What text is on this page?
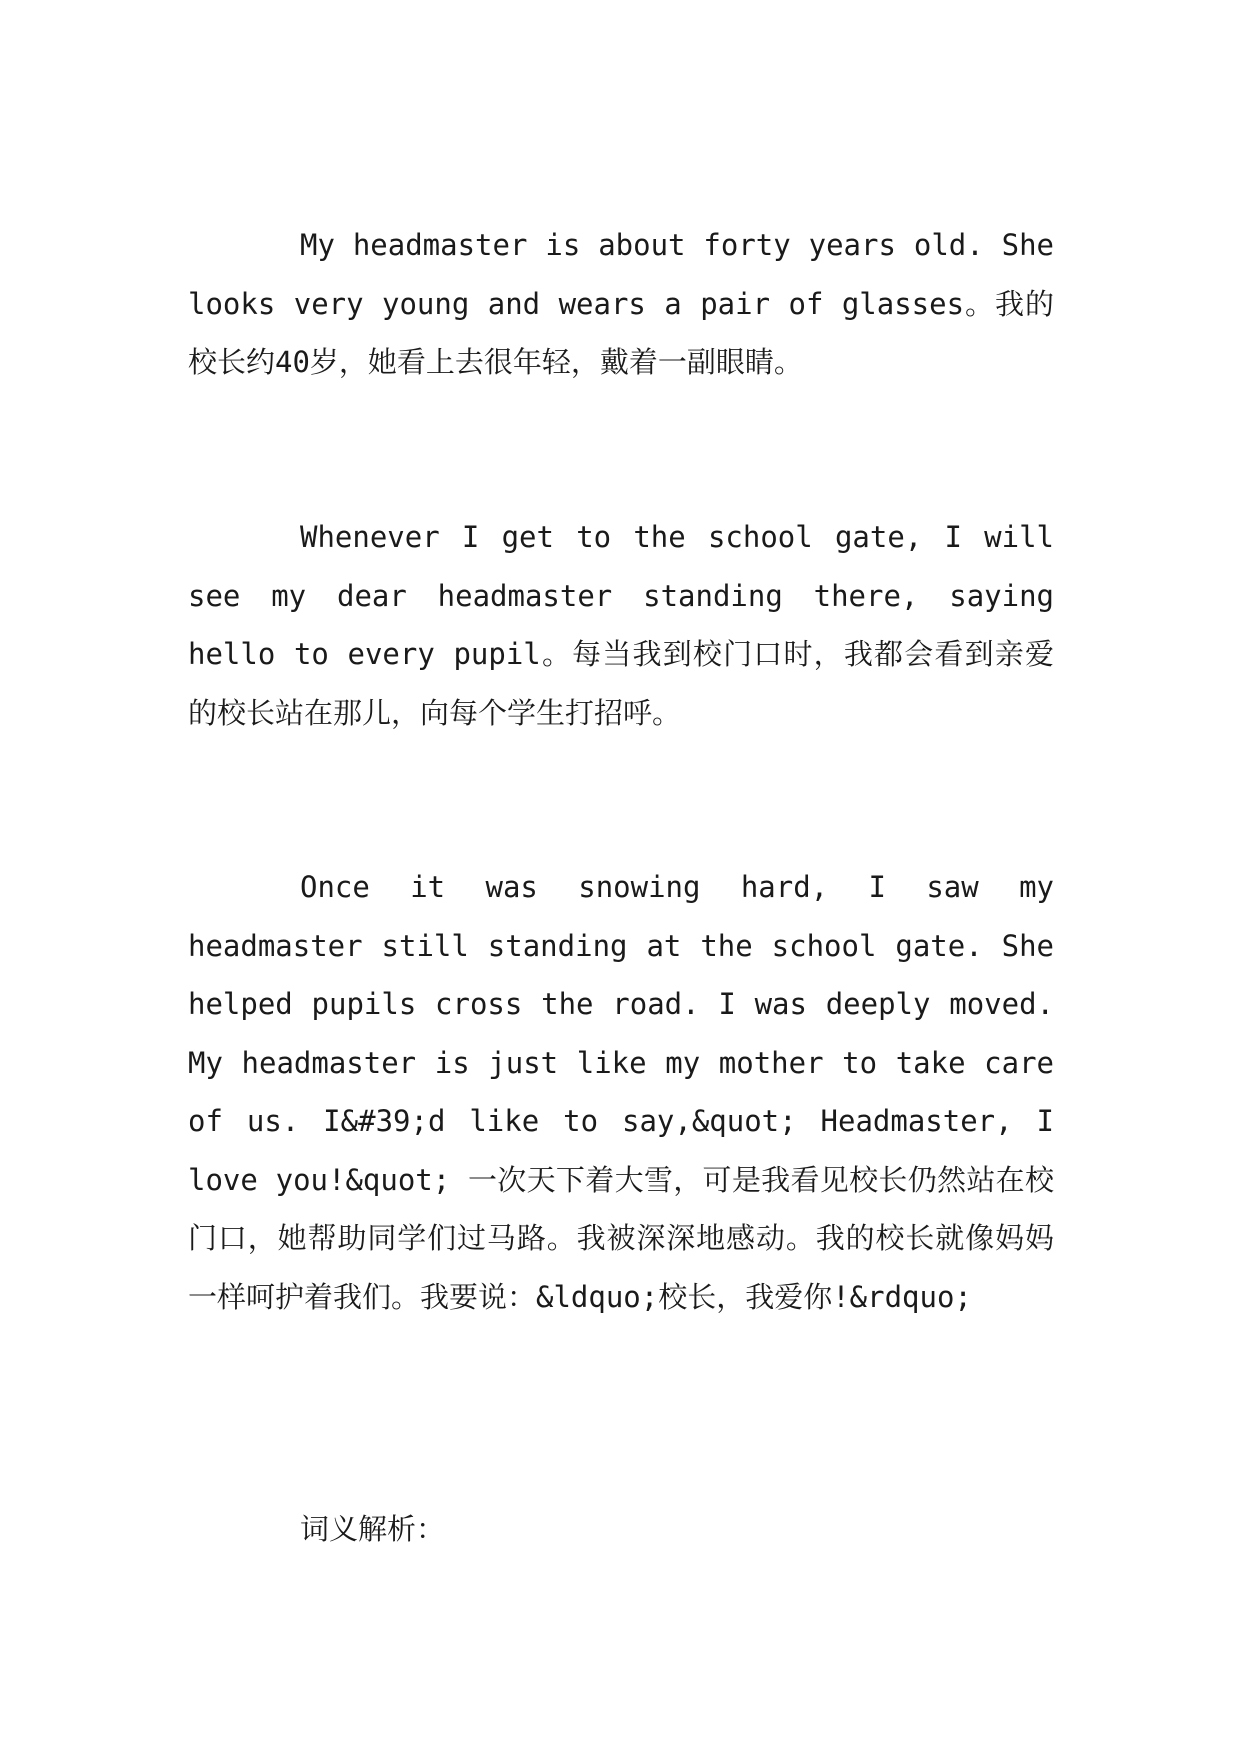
My headmaster is about forty years old. She looks very young and wears a pair of glasses。我的校长约40岁，她看上去很年轻，戴着一副眼睛。

Whenever I get to the school gate, I will see my dear headmaster standing there, saying hello to every pupil。每当我到校门口时，我都会看到亲爱的校长站在那儿，向每个学生打招呼。

Once it was snowing hard, I saw my headmaster still standing at the school gate. She helped pupils cross the road. I was deeply moved. My headmaster is just like my mother to take care of us. I&#39;d like to say,&quot; Headmaster, I love you!&quot; 一次天下着大雪，可是我看见校长仍然站在校门口，她帮助同学们过马路。我被深深地感动。我的校长就像妈妈一样呵护着我们。我要说：&ldquo;校长，我爱你!&rdquo;

词义解析：
